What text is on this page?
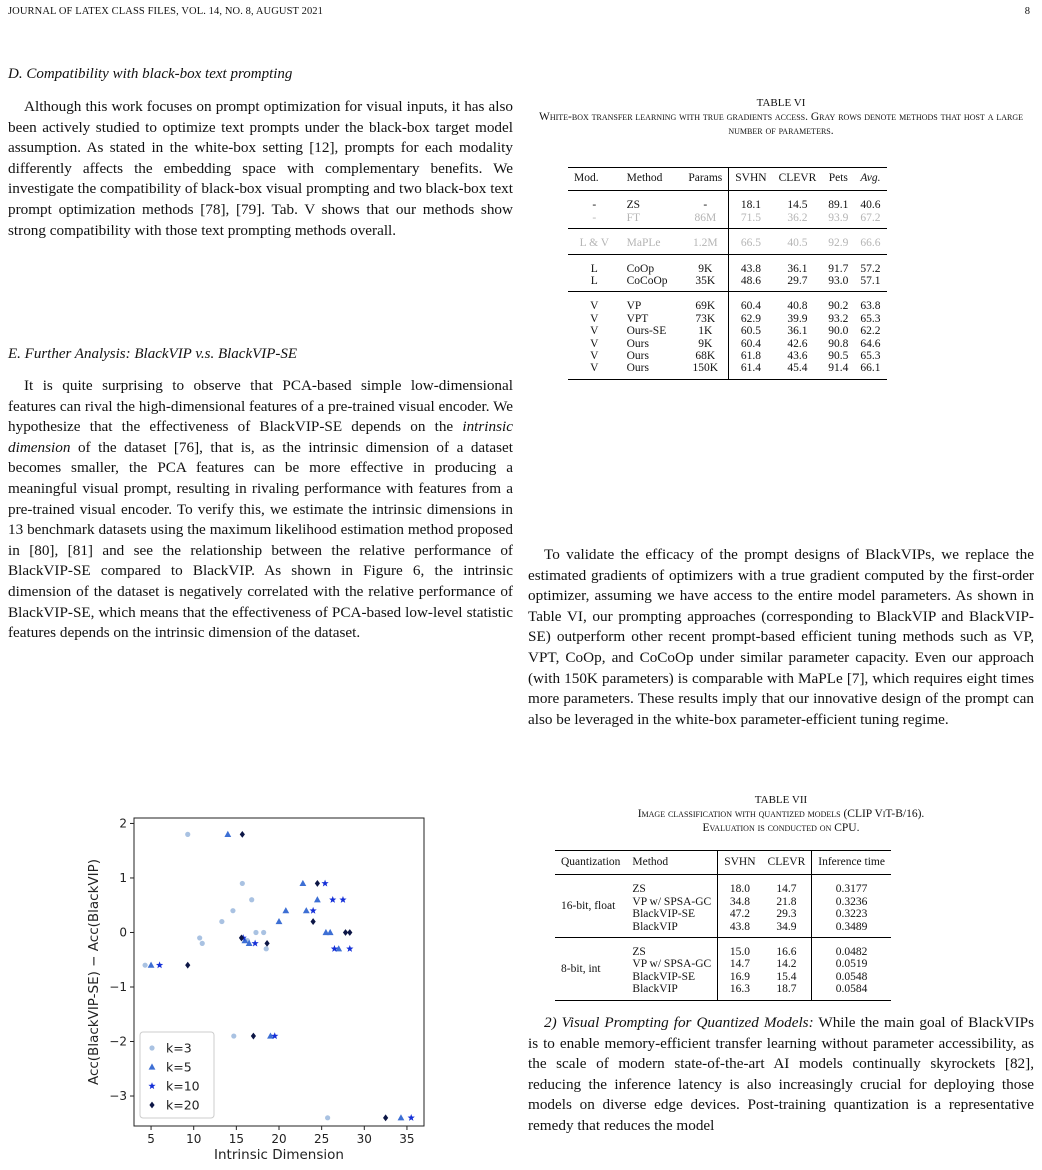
JOURNAL OF LATEX CLASS FILES, VOL. 14, NO. 8, AUGUST 2021	8
D. Compatibility with black-box text prompting

Although this work focuses on prompt optimization for visual inputs, it has also been actively studied to optimize text prompts under the black-box target model assumption. As stated in the white-box setting [12], prompts for each modality differently affects the embedding space with complementary benefits. We investigate the compatibility of black-box visual prompting and two black-box text prompt optimization methods [78], [79]. Tab. V shows that our methods show strong compatibility with those text prompting methods overall.

E. Further Analysis: BlackVIP v.s. BlackVIP-SE

It is quite surprising to observe that PCA-based simple low-dimensional features can rival the high-dimensional features of a pre-trained visual encoder. We hypothesize that the effectiveness of BlackVIP-SE depends on the intrinsic dimension of the dataset [76], that is, as the intrinsic dimension of a dataset becomes smaller, the PCA features can be more effective in producing a meaningful visual prompt, resulting in rivaling performance with features from a pre-trained visual encoder. To verify this, we estimate the intrinsic dimensions in 13 benchmark datasets using the maximum likelihood estimation method proposed in [80], [81] and see the relationship between the relative performance of BlackVIP-SE compared to BlackVIP. As shown in Figure 6, the intrinsic dimension of the dataset is negatively correlated with the relative performance of BlackVIP-SE, which means that the effectiveness of PCA-based low-level statistic features depends on the intrinsic dimension of the dataset.

5	10 15 20 25 30 35
2
1
0
−1
−2
−3
Intrinsic Dimension
Acc(BlackVIP-SE) − Acc(BlackVIP)	k=3
k=5
k=10
k=20
TABLE VI
White-box transfer learning with true gradients access. Gray rows denote methods that host a large number of parameters.
Mod.	Method	Params	SVHN	CLEVR	Pets	Avg.
-	ZS	-	18.1	14.5	89.1	40.6
-	FT	86M	71.5	36.2	93.9	67.2
L & V	MaPLe	1.2M	66.5	40.5	92.9	66.6
L	CoOp	9K	43.8	36.1	91.7	57.2
L	CoCoOp	35K	48.6	29.7	93.0	57.1
V	VP	69K	60.4	40.8	90.2	63.8
V	VPT	73K	62.9	39.9	93.2	65.3
V	Ours-SE	1K	60.5	36.1	90.0	62.2
V	Ours	9K	60.4	42.6	90.8	64.6
V	Ours	68K	61.8	43.6	90.5	65.3
V	Ours	150K	61.4	45.4	91.4	66.1

To validate the efficacy of the prompt designs of BlackVIPs, we replace the estimated gradients of optimizers with a true gradient computed by the first-order optimizer, assuming we have access to the entire model parameters. As shown in Table VI, our prompting approaches (corresponding to BlackVIP and BlackVIP-SE) outperform other recent prompt-based efficient tuning methods such as VP, VPT, CoOp, and CoCoOp under similar parameter capacity. Even our approach (with 150K parameters) is comparable with MaPLe [7], which requires eight times more parameters. These results imply that our innovative design of the prompt can also be leveraged in the white-box parameter-efficient tuning regime.

TABLE VII
Image classification with quantized models (CLIP ViT-B/16).
Evaluation is conducted on CPU.
Quantization	Method	SVHN	CLEVR	Inference time
16-bit, float	ZS	18.0	14.7	0.3177
	VP w/ SPSA-GC	34.8	21.8	0.3236
	BlackVIP-SE	47.2	29.3	0.3223
	BlackVIP	43.8	34.9	0.3489
8-bit, int	ZS	15.0	16.6	0.0482
	VP w/ SPSA-GC	14.7	14.2	0.0519
	BlackVIP-SE	16.9	15.4	0.0548
	BlackVIP	16.3	18.7	0.0584

2) Visual Prompting for Quantized Models: While the main goal of BlackVIPs is to enable memory-efficient transfer learning without parameter accessibility, as the scale of modern state-of-the-art AI models continually skyrockets [82], reducing the inference latency is also increasingly crucial for deploying those models on diverse edge devices. Post-training quantization is a representative remedy that reduces the model
